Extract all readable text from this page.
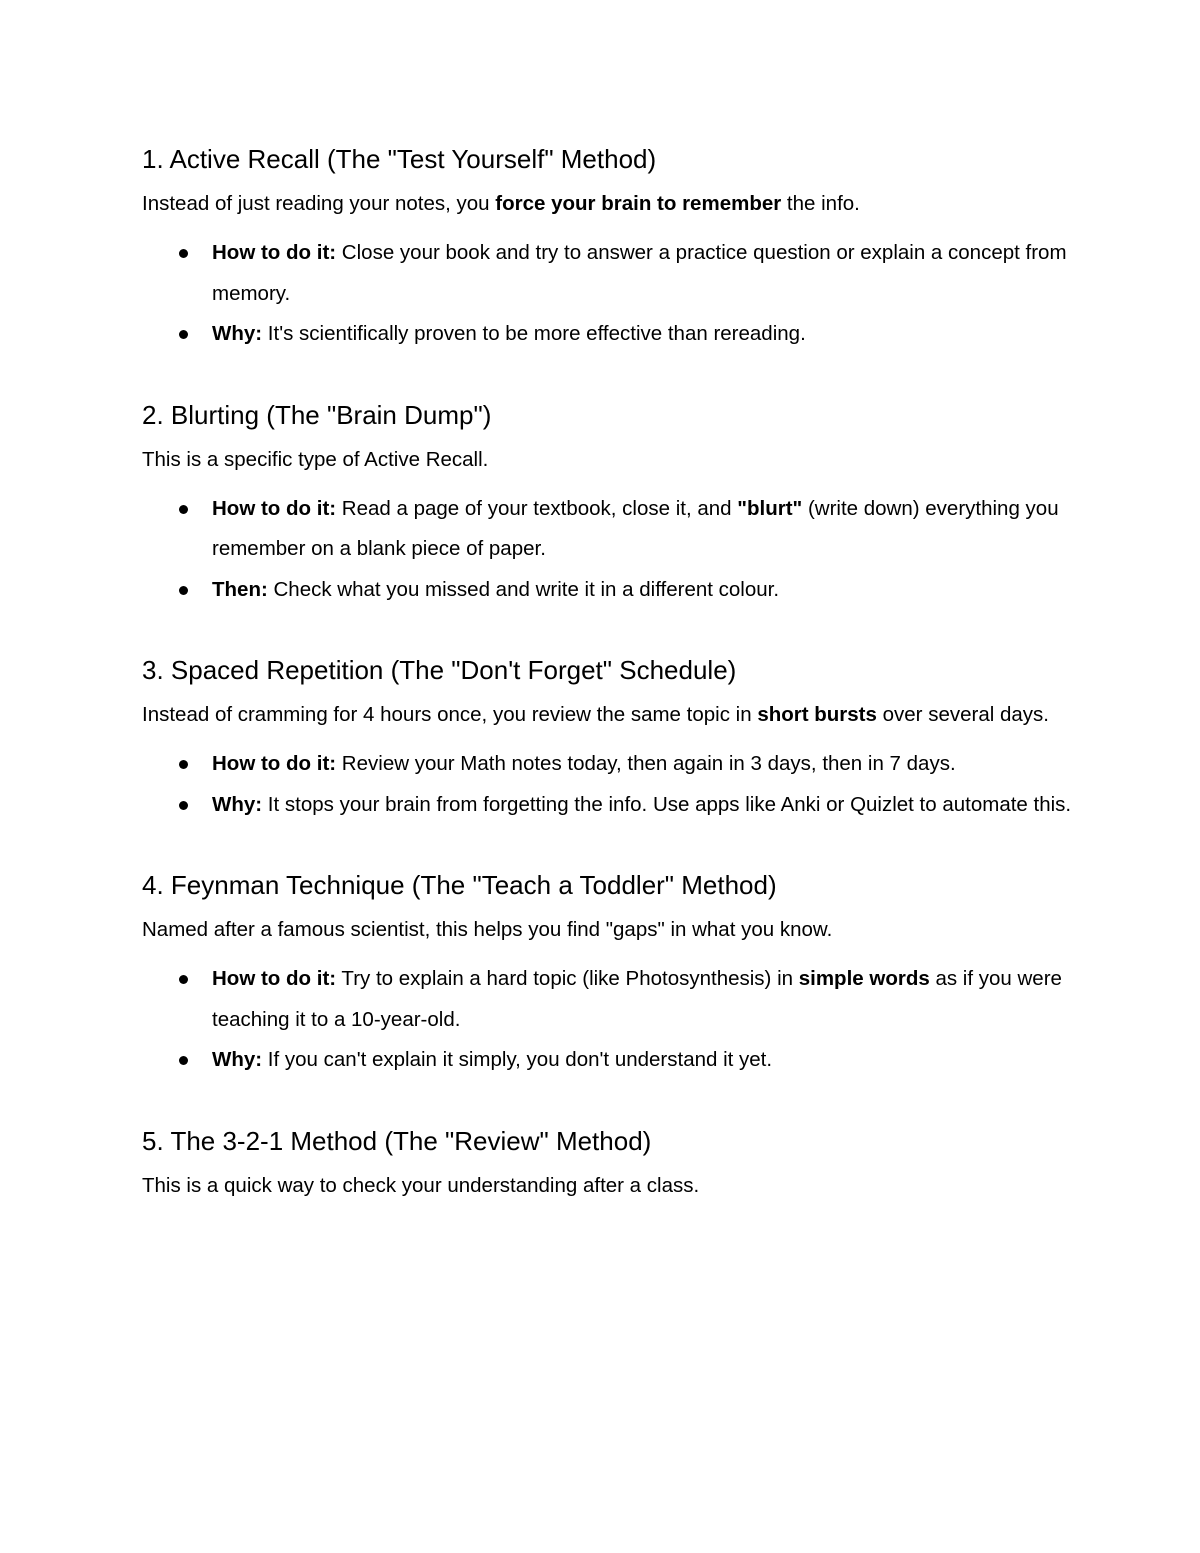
1. Active Recall (The "Test Yourself" Method)

Instead of just reading your notes, you force your brain to remember the info.

How to do it: Close your book and try to answer a practice question or explain a concept from memory.
Why: It's scientifically proven to be more effective than rereading.
2. Blurting (The "Brain Dump")

This is a specific type of Active Recall.

How to do it: Read a page of your textbook, close it, and "blurt" (write down) everything you remember on a blank piece of paper.
Then: Check what you missed and write it in a different colour.
3. Spaced Repetition (The "Don't Forget" Schedule)

Instead of cramming for 4 hours once, you review the same topic in short bursts over several days.

How to do it: Review your Math notes today, then again in 3 days, then in 7 days.
Why: It stops your brain from forgetting the info. Use apps like Anki or Quizlet to automate this.
4. Feynman Technique (The "Teach a Toddler" Method)

Named after a famous scientist, this helps you find "gaps" in what you know.

How to do it: Try to explain a hard topic (like Photosynthesis) in simple words as if you were teaching it to a 10-year-old.
Why: If you can't explain it simply, you don't understand it yet.
5. The 3-2-1 Method (The "Review" Method)

This is a quick way to check your understanding after a class.
